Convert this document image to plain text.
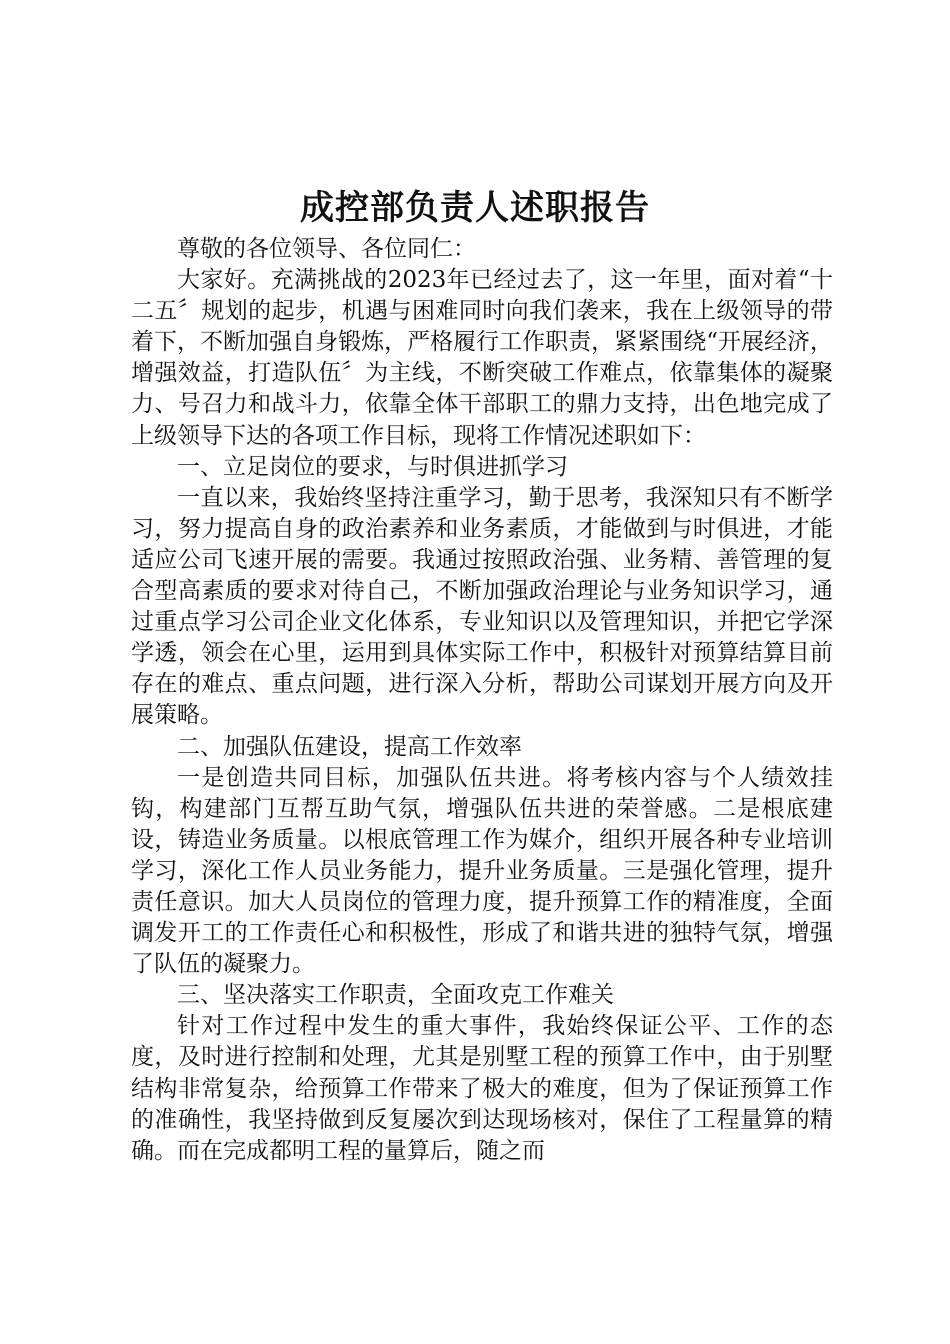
成控部负责人述职报告

尊敬的各位领导、各位同仁：

大家好。充满挑战的2023年已经过去了，这一年里，面对着“十二五〞规划的起步，机遇与困难同时向我们袭来，我在上级领导的带着下，不断加强自身锻炼，严格履行工作职责，紧紧围绕“开展经济，增强效益，打造队伍〞为主线，不断突破工作难点，依靠集体的凝聚力、号召力和战斗力，依靠全体干部职工的鼎力支持，出色地完成了上级领导下达的各项工作目标，现将工作情况述职如下：

一、立足岗位的要求，与时俱进抓学习

一直以来，我始终坚持注重学习，勤于思考，我深知只有不断学习，努力提高自身的政治素养和业务素质，才能做到与时俱进，才能适应公司飞速开展的需要。我通过按照政治强、业务精、善管理的复合型高素质的要求对待自己，不断加强政治理论与业务知识学习，通过重点学习公司企业文化体系，专业知识以及管理知识，并把它学深学透，领会在心里，运用到具体实际工作中，积极针对预算结算目前存在的难点、重点问题，进行深入分析，帮助公司谋划开展方向及开展策略。

二、加强队伍建设，提高工作效率

一是创造共同目标，加强队伍共进。将考核内容与个人绩效挂钩，构建部门互帮互助气氛，增强队伍共进的荣誉感。二是根底建设，铸造业务质量。以根底管理工作为媒介，组织开展各种专业培训学习，深化工作人员业务能力，提升业务质量。三是强化管理，提升责任意识。加大人员岗位的管理力度，提升预算工作的精准度，全面调发开工的工作责任心和积极性，形成了和谐共进的独特气氛，增强了队伍的凝聚力。

三、坚决落实工作职责，全面攻克工作难关

针对工作过程中发生的重大事件，我始终保证公平、工作的态度，及时进行控制和处理，尤其是别墅工程的预算工作中，由于别墅结构非常复杂，给预算工作带来了极大的难度，但为了保证预算工作的准确性，我坚持做到反复屡次到达现场核对，保住了工程量算的精确。而在完成都明工程的量算后，随之而
